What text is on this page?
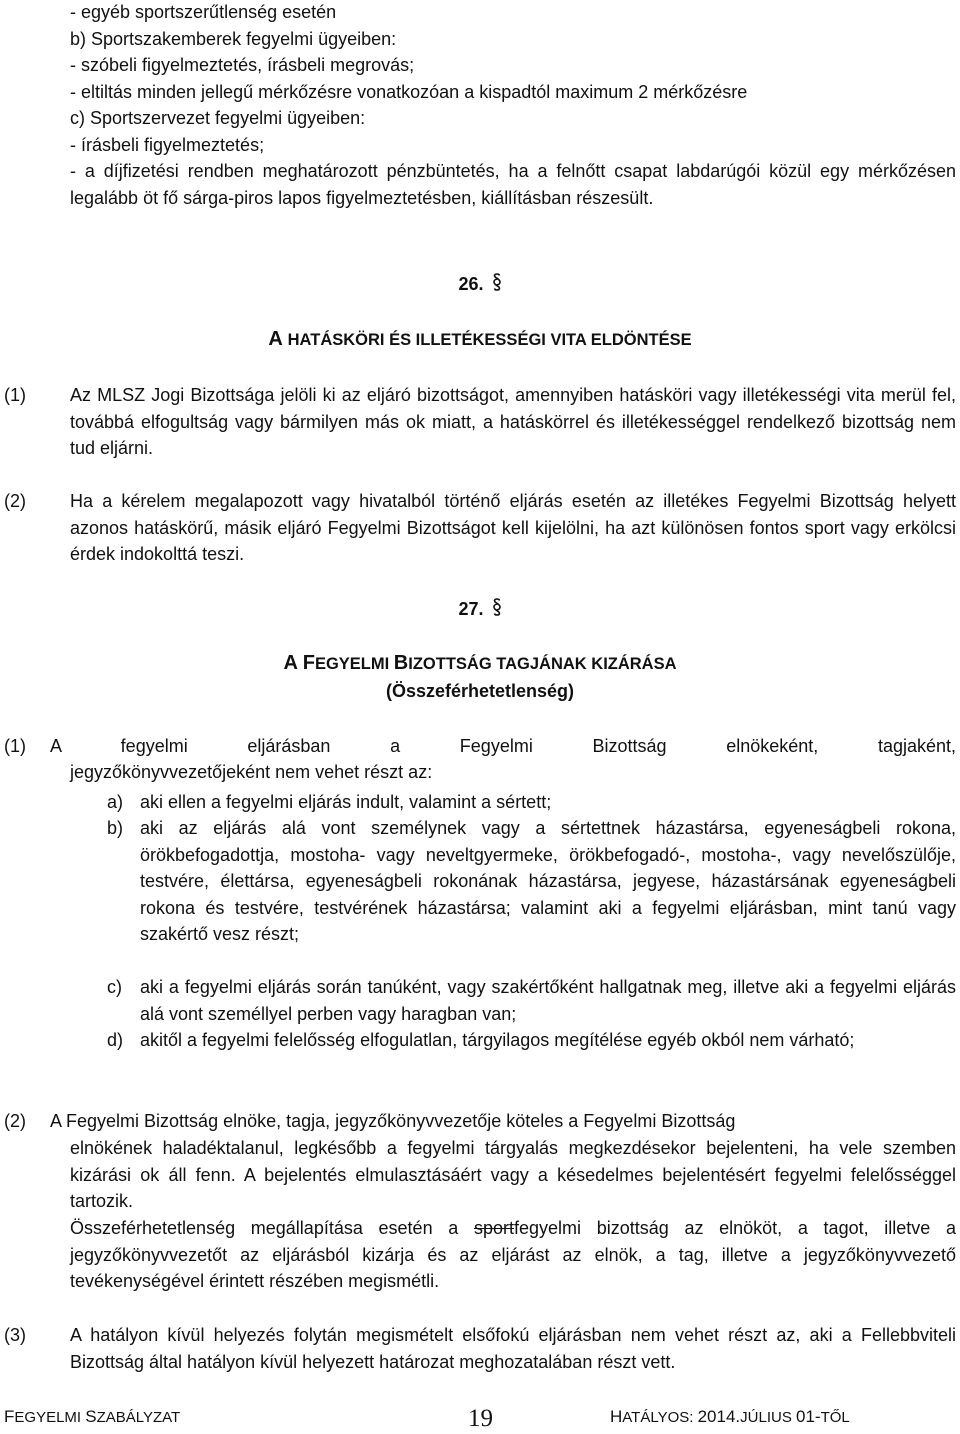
- egyéb sportszerűtlenség esetén
b) Sportszakemberek fegyelmi ügyeiben:
- szóbeli figyelmeztetés, írásbeli megrovás;
- eltiltás minden jellegű mérkőzésre vonatkozóan a kispadtól maximum 2 mérkőzésre
c) Sportszervezet fegyelmi ügyeiben:
- írásbeli figyelmeztetés;
- a díjfizetési rendben meghatározott pénzbüntetés, ha a felnőtt csapat labdarúgói közül egy mérkőzésen legalább öt fő sárga-piros lapos figyelmeztetésben, kiállításban részesült.
26.
A HATÁSKÖRI ÉS ILLETÉKESSÉGI VITA ELDÖNTÉSE
(1) Az MLSZ Jogi Bizottsága jelöli ki az eljáró bizottságot, amennyiben hatásköri vagy illetékességi vita merül fel, továbbá elfogultság vagy bármilyen más ok miatt, a hatáskörrel és illetékességgel rendelkező bizottság nem tud eljárni.
(2) Ha a kérelem megalapozott vagy hivatalból történő eljárás esetén az illetékes Fegyelmi Bizottság helyett azonos hatáskörű, másik eljáró Fegyelmi Bizottságot kell kijelölni, ha azt különösen fontos sport vagy erkölcsi érdek indokolttá teszi.
27.
A FEGYELMI BIZOTTSÁG TAGJÁNAK KIZÁRÁSA
(Összeférhetetlenség)
(1) A fegyelmi eljárásban a Fegyelmi Bizottság elnökeként, tagjaként,
jegyzőkönyvvezetőjeként nem vehet részt az:
a) aki ellen a fegyelmi eljárás indult, valamint a sértett;
b) aki az eljárás alá vont személynek vagy a sértettnek házastársa, egyeneságbeli rokona, örökbefogadottja, mostoha- vagy neveltgyermeke, örökbefogadó-, mostoha-, vagy nevelőszülője, testvére, élettársa, egyeneságbeli rokonának házastársa, jegyese, házastársának egyeneságbeli rokona és testvére, testvérének házastársa; valamint aki a fegyelmi eljárásban, mint tanú vagy szakértő vesz részt;
c) aki a fegyelmi eljárás során tanúként, vagy szakértőként hallgatnak meg, illetve aki a fegyelmi eljárás alá vont személlyel perben vagy haragban van;
d) akitől a fegyelmi felelősség elfogulatlan, tárgyilagos megítélése egyéb okból nem várható;
(2) A Fegyelmi Bizottság elnöke, tagja, jegyzőkönyvvezetője köteles a Fegyelmi Bizottság
elnökének haladéktalanul, legkésőbb a fegyelmi tárgyalás megkezdésekor bejelenteni, ha vele szemben kizárási ok áll fenn. A bejelentés elmulasztásáért vagy a késedelmes bejelentésért fegyelmi felelősséggel tartozik.
Összeférhetetlenség megállapítása esetén a sportfegyelmi bizottság az elnököt, a tagot, illetve a jegyzőkönyvvezetőt az eljárásból kizárja és az eljárást az elnök, a tag, illetve a jegyzőkönyvvezető tevékenységével érintett részében megismétli.
(3) A hatályon kívül helyezés folytán megismételt elsőfokú eljárásban nem vehet részt az, aki a Fellebbviteli Bizottság által hatályon kívül helyezett határozat meghozatalában részt vett.
FEGYELMI SZABÁLYZAT	19	HATÁLYOS: 2014.JÚLIUS 01-TŐL
